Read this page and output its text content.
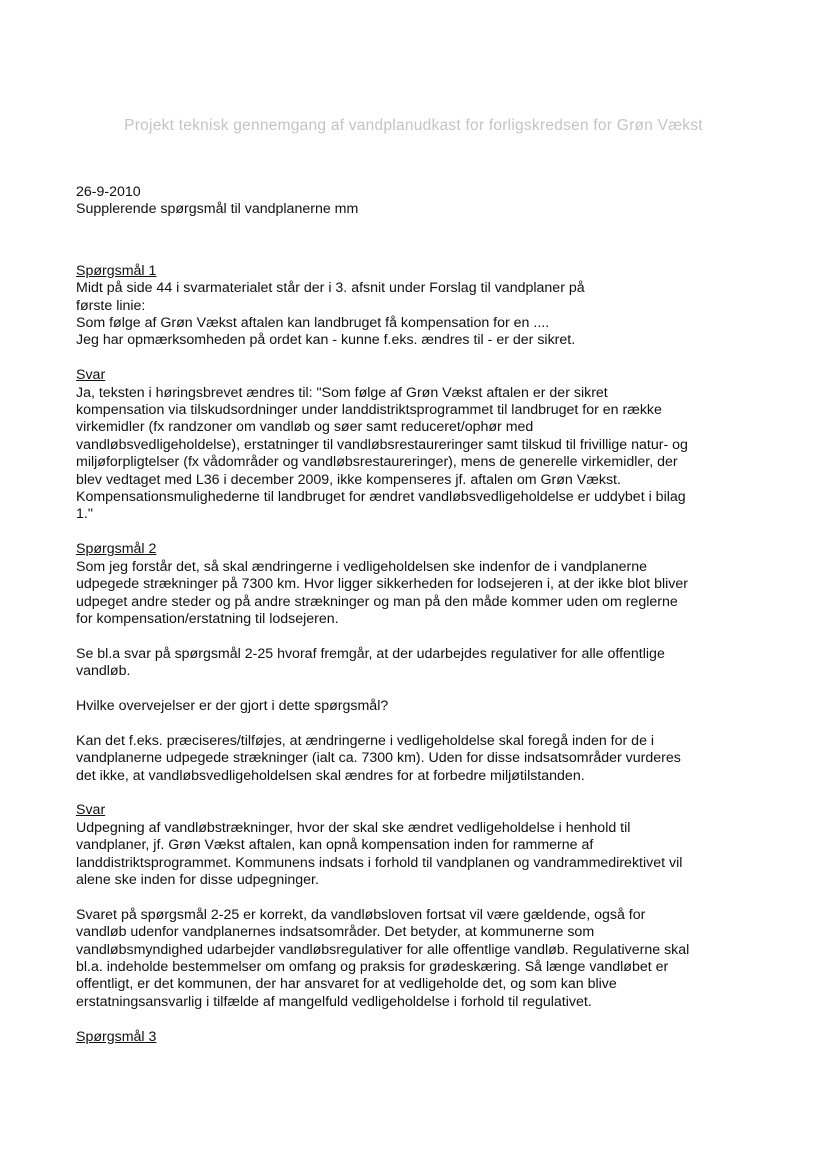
Projekt teknisk gennemgang af vandplanudkast for forligskredsen for Grøn Vækst

26-9-2010

Supplerende spørgsmål til vandplanerne mm

Spørgsmål 1

Midt på side 44 i svarmaterialet står der i 3. afsnit under Forslag til vandplaner på

første linie:

Som følge af Grøn Vækst aftalen kan landbruget få kompensation for en ....

Jeg har opmærksomheden på ordet kan - kunne f.eks. ændres til - er der sikret.

Svar

Ja, teksten i høringsbrevet ændres til: "Som følge af Grøn Vækst aftalen er der sikret

kompensation via tilskudsordninger under landdistriktsprogrammet til landbruget for en række

virkemidler (fx randzoner om vandløb og søer samt reduceret/ophør med

vandløbsvedligeholdelse), erstatninger til vandløbsrestaureringer samt tilskud til frivillige natur- og

miljøforpligtelser (fx vådområder og vandløbsrestaureringer), mens de generelle virkemidler, der

blev vedtaget med L36 i december 2009, ikke kompenseres jf. aftalen om Grøn Vækst.

Kompensationsmulighederne til landbruget for ændret vandløbsvedligeholdelse er uddybet i bilag

1."

Spørgsmål 2

Som jeg forstår det, så skal ændringerne i vedligeholdelsen ske indenfor de i vandplanerne

udpegede strækninger på 7300 km. Hvor ligger sikkerheden for lodsejeren i, at der ikke blot bliver

udpeget andre steder og på andre strækninger og man på den måde kommer uden om reglerne

for kompensation/erstatning til lodsejeren.

Se bl.a svar på spørgsmål 2-25 hvoraf fremgår, at der udarbejdes regulativer for alle offentlige

vandløb.

Hvilke overvejelser er der gjort i dette spørgsmål?

Kan det f.eks. præciseres/tilføjes, at ændringerne i vedligeholdelse skal foregå inden for de i

vandplanerne udpegede strækninger (ialt ca. 7300 km). Uden for disse indsatsområder vurderes

det ikke, at vandløbsvedligeholdelsen skal ændres for at forbedre miljøtilstanden.

Svar

Udpegning af vandløbstrækninger, hvor der skal ske ændret vedligeholdelse i henhold til

vandplaner, jf. Grøn Vækst aftalen, kan opnå kompensation inden for rammerne af

landdistriktsprogrammet. Kommunens indsats i forhold til vandplanen og vandrammedirektivet vil

alene ske inden for disse udpegninger.

Svaret på spørgsmål 2-25 er korrekt, da vandløbsloven fortsat vil være gældende, også for

vandløb udenfor vandplanernes indsatsområder. Det betyder, at kommunerne som

vandløbsmyndighed udarbejder vandløbsregulativer for alle offentlige vandløb. Regulativerne skal

bl.a. indeholde bestemmelser om omfang og praksis for grødeskæring. Så længe vandløbet er

offentligt, er det kommunen, der har ansvaret for at vedligeholde det, og som kan blive

erstatningsansvarlig i tilfælde af mangelfuld vedligeholdelse i forhold til regulativet.

Spørgsmål 3
